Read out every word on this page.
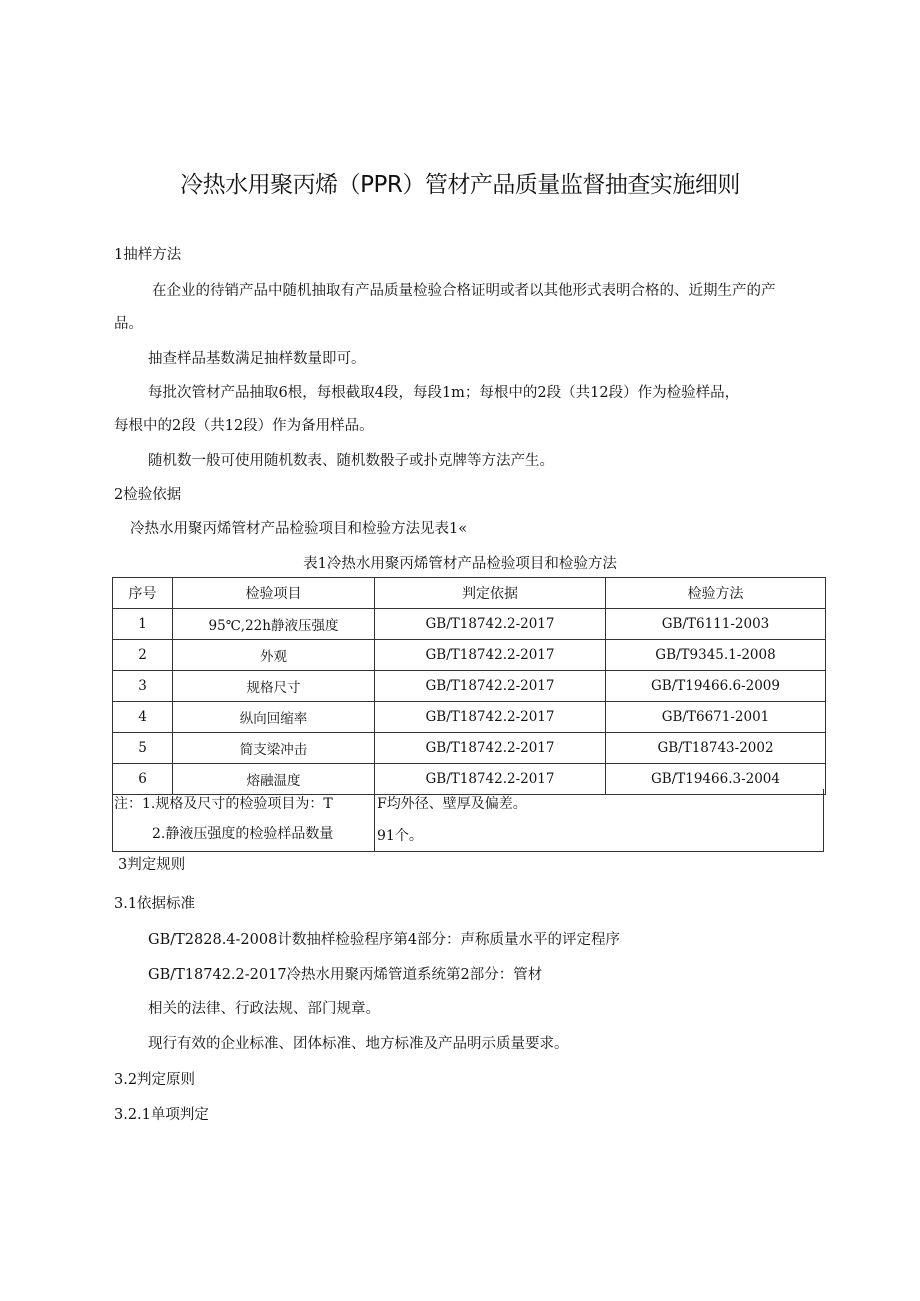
冷热水用聚丙烯（PPR）管材产品质量监督抽查实施细则
1抽样方法
在企业的待销产品中随机抽取有产品质量检验合格证明或者以其他形式表明合格的、近期生产的产
品。
抽查样品基数满足抽样数量即可。
每批次管材产品抽取6根，每根截取4段，每段1m；每根中的2段（共12段）作为检验样品，
每根中的2段（共12段）作为备用样品。
随机数一般可使用随机数表、随机数骰子或扑克牌等方法产生。
2检验依据
冷热水用聚丙烯管材产品检验项目和检验方法见表1«
表1冷热水用聚丙烯管材产品检验项目和检验方法
序号	检验项目	判定依据	检验方法
1	95℃,22h静液压强度	GB/T18742.2-2017	GB/T6111-2003
2	外观	GB/T18742.2-2017	GB/T9345.1-2008
3	规格尺寸	GB/T18742.2-2017	GB/T19466.6-2009
4	纵向回缩率	GB/T18742.2-2017	GB/T6671-2001
5	简支梁冲击	GB/T18742.2-2017	GB/T18743-2002
6	熔融温度	GB/T18742.2-2017	GB/T19466.3-2004
注：1.规格及尺寸的检验项目为：T	F均外径、壁厚及偏差。
2.静液压强度的检验样品数量	91个。
3判定规则
3.1依据标准
GB/T2828.4-2008计数抽样检验程序第4部分：声称质量水平的评定程序
GB/T18742.2-2017冷热水用聚丙烯管道系统第2部分：管材
相关的法律、行政法规、部门规章。
现行有效的企业标准、团体标准、地方标准及产品明示质量要求。
3.2判定原则
3.2.1单项判定
